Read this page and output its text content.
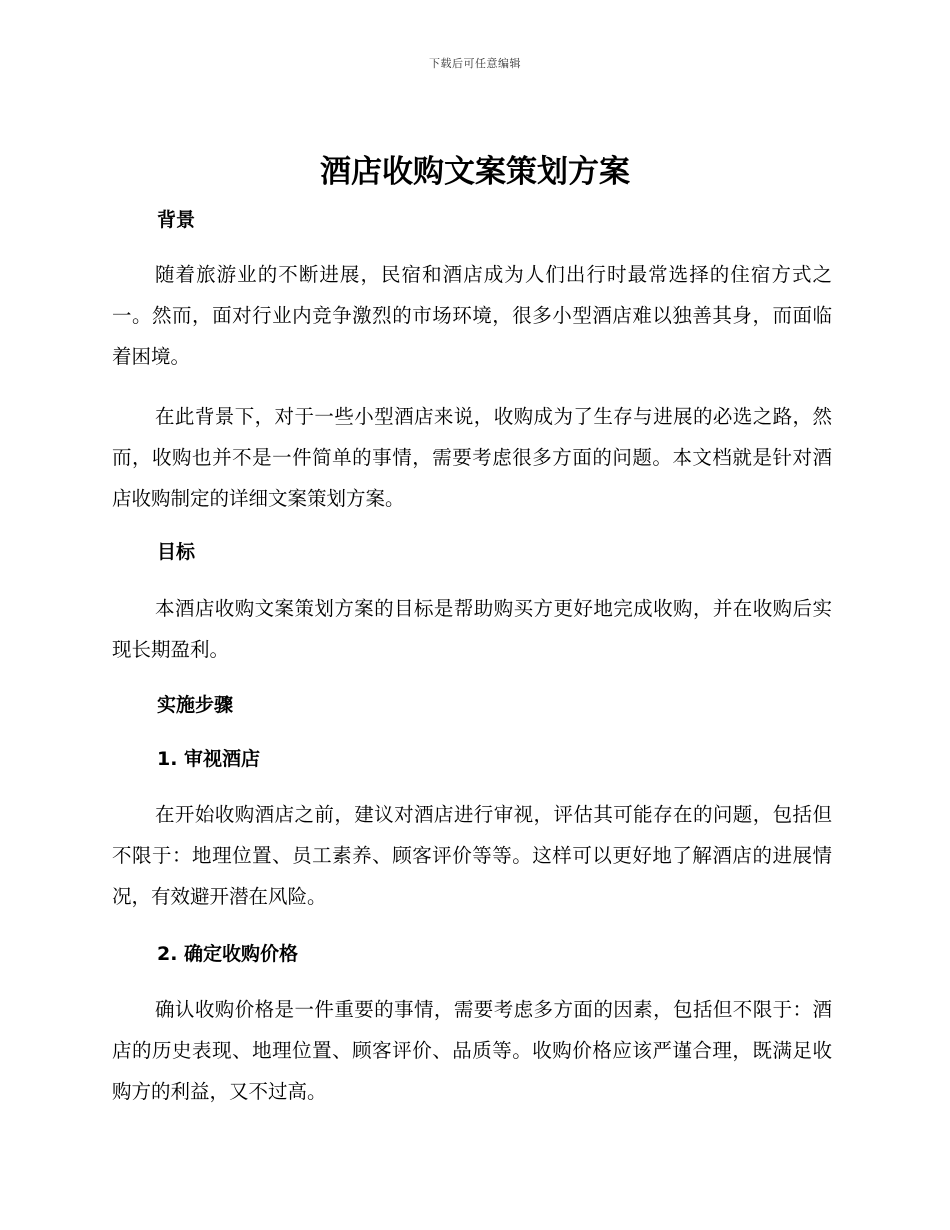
下载后可任意编辑
酒店收购文案策划方案
背景

随着旅游业的不断进展，民宿和酒店成为人们出行时最常选择的住宿方式之一。然而，面对行业内竞争激烈的市场环境，很多小型酒店难以独善其身，而面临着困境。

在此背景下，对于一些小型酒店来说，收购成为了生存与进展的必选之路，然而，收购也并不是一件简单的事情，需要考虑很多方面的问题。本文档就是针对酒店收购制定的详细文案策划方案。

目标

本酒店收购文案策划方案的目标是帮助购买方更好地完成收购，并在收购后实现长期盈利。

实施步骤
1. 审视酒店

在开始收购酒店之前，建议对酒店进行审视，评估其可能存在的问题，包括但不限于：地理位置、员工素养、顾客评价等等。这样可以更好地了解酒店的进展情况，有效避开潜在风险。

2. 确定收购价格

确认收购价格是一件重要的事情，需要考虑多方面的因素，包括但不限于：酒店的历史表现、地理位置、顾客评价、品质等。收购价格应该严谨合理，既满足收购方的利益，又不过高。
